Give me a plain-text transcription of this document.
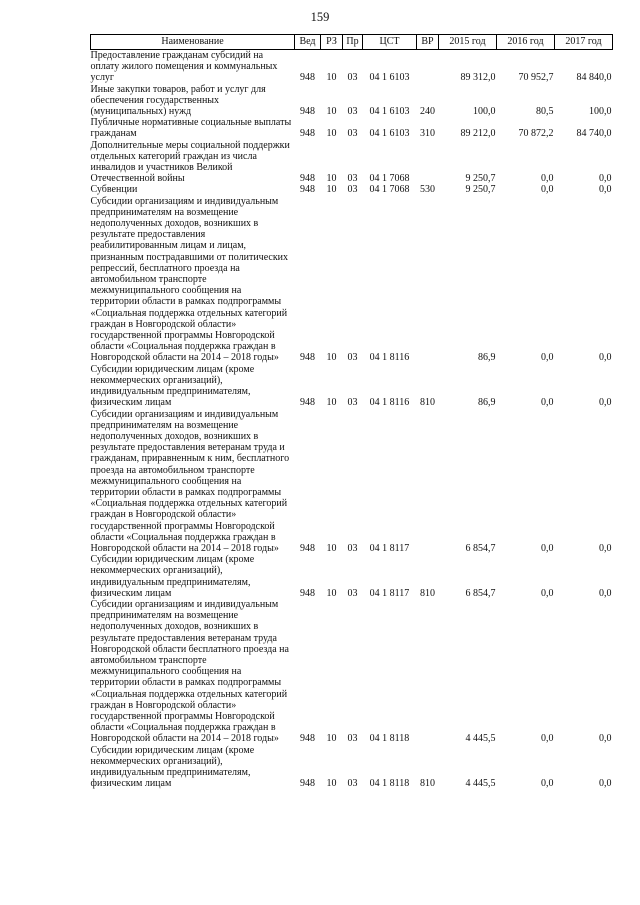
159
Наименование	Вед	РЗ	Пр	ЦСТ	ВР	2015 год	2016 год	2017 год
Предоставление гражданам субсидий на оплату жилого помещения и коммунальных услуг	948	10	03	04 1 6103		89 312,0	70 952,7	84 840,0
Иные закупки товаров, работ и услуг для обеспечения государственных (муниципальных) нужд	948	10	03	04 1 6103	240	100,0	80,5	100,0
Публичные нормативные социальные выплаты гражданам	948	10	03	04 1 6103	310	89 212,0	70 872,2	84 740,0
Дополнительные меры социальной поддержки отдельных категорий граждан из числа инвалидов и участников Великой Отечественной войны	948	10	03	04 1 7068		9 250,7	0,0	0,0
Субвенции	948	10	03	04 1 7068	530	9 250,7	0,0	0,0
Субсидии организациям и индивидуальным предпринимателям на возмещение недополученных доходов, возникших в результате предоставления реабилитированным лицам и лицам, признанным пострадавшими от политических репрессий, бесплатного проезда на автомобильном транспорте межмуниципального сообщения на территории области в рамках подпрограммы «Социальная поддержка отдельных категорий граждан в Новгородской области» государственной программы Новгородской области «Социальная поддержка граждан в Новгородской области на 2014 – 2018 годы»	948	10	03	04 1 8116		86,9	0,0	0,0
Субсидии юридическим лицам (кроме некоммерческих организаций), индивидуальным предпринимателям, физическим лицам	948	10	03	04 1 8116	810	86,9	0,0	0,0
Субсидии организациям и индивидуальным предпринимателям на возмещение недополученных доходов, возникших в результате предоставления ветеранам труда и гражданам, приравненным к ним, бесплатного проезда на автомобильном транспорте межмуниципального сообщения на территории области в рамках подпрограммы «Социальная поддержка отдельных категорий граждан в Новгородской области» государственной программы Новгородской области «Социальная поддержка граждан в Новгородской области на 2014 – 2018 годы»	948	10	03	04 1 8117		6 854,7	0,0	0,0
Субсидии юридическим лицам (кроме некоммерческих организаций), индивидуальным предпринимателям, физическим лицам	948	10	03	04 1 8117	810	6 854,7	0,0	0,0
Субсидии организациям и индивидуальным предпринимателям на возмещение недополученных доходов, возникших в результате предоставления ветеранам труда Новгородской области бесплатного проезда на автомобильном транспорте межмуниципального сообщения на территории области в рамках подпрограммы «Социальная поддержка отдельных категорий граждан в Новгородской области» государственной программы Новгородской области «Социальная поддержка граждан в Новгородской области на 2014 – 2018 годы»	948	10	03	04 1 8118		4 445,5	0,0	0,0
Субсидии юридическим лицам (кроме некоммерческих организаций), индивидуальным предпринимателям, физическим лицам	948	10	03	04 1 8118	810	4 445,5	0,0	0,0
